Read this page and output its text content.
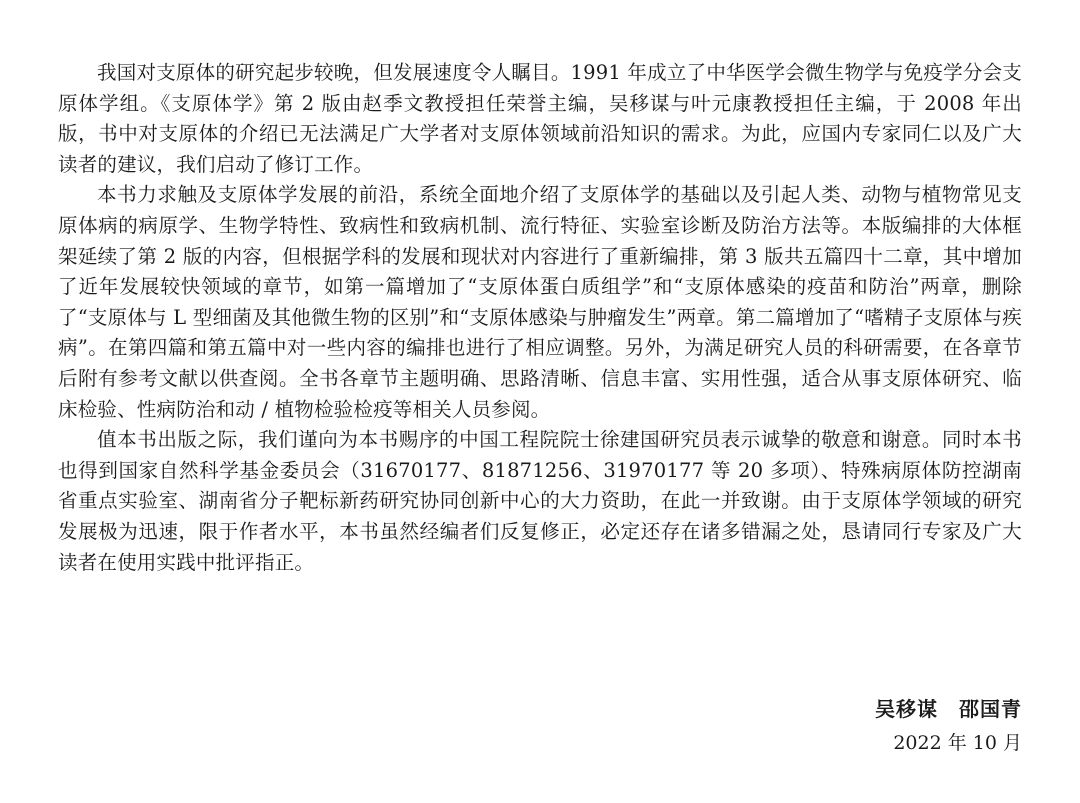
我国对支原体的研究起步较晚，但发展速度令人瞩目。1991 年成立了中华医学会微生物学与免疫学分会支原体学组。《支原体学》第 2 版由赵季文教授担任荣誉主编，吴移谋与叶元康教授担任主编，于 2008 年出版，书中对支原体的介绍已无法满足广大学者对支原体领域前沿知识的需求。为此，应国内专家同仁以及广大读者的建议，我们启动了修订工作。

本书力求触及支原体学发展的前沿，系统全面地介绍了支原体学的基础以及引起人类、动物与植物常见支原体病的病原学、生物学特性、致病性和致病机制、流行特征、实验室诊断及防治方法等。本版编排的大体框架延续了第 2 版的内容，但根据学科的发展和现状对内容进行了重新编排，第 3 版共五篇四十二章，其中增加了近年发展较快领域的章节，如第一篇增加了“支原体蛋白质组学”和“支原体感染的疫苗和防治”两章，删除了“支原体与 L 型细菌及其他微生物的区别”和“支原体感染与肿瘤发生”两章。第二篇增加了“嗜精子支原体与疾病”。在第四篇和第五篇中对一些内容的编排也进行了相应调整。另外，为满足研究人员的科研需要，在各章节后附有参考文献以供查阅。全书各章节主题明确、思路清晰、信息丰富、实用性强，适合从事支原体研究、临床检验、性病防治和动 / 植物检验检疫等相关人员参阅。

值本书出版之际，我们谨向为本书赐序的中国工程院院士徐建国研究员表示诚挚的敬意和谢意。同时本书也得到国家自然科学基金委员会（31670177、81871256、31970177 等 20 多项）、特殊病原体防控湖南省重点实验室、湖南省分子靶标新药研究协同创新中心的大力资助，在此一并致谢。由于支原体学领域的研究发展极为迅速，限于作者水平，本书虽然经编者们反复修正，必定还存在诸多错漏之处，恳请同行专家及广大读者在使用实践中批评指正。

吴移谋　邵国青
2022 年 10 月
